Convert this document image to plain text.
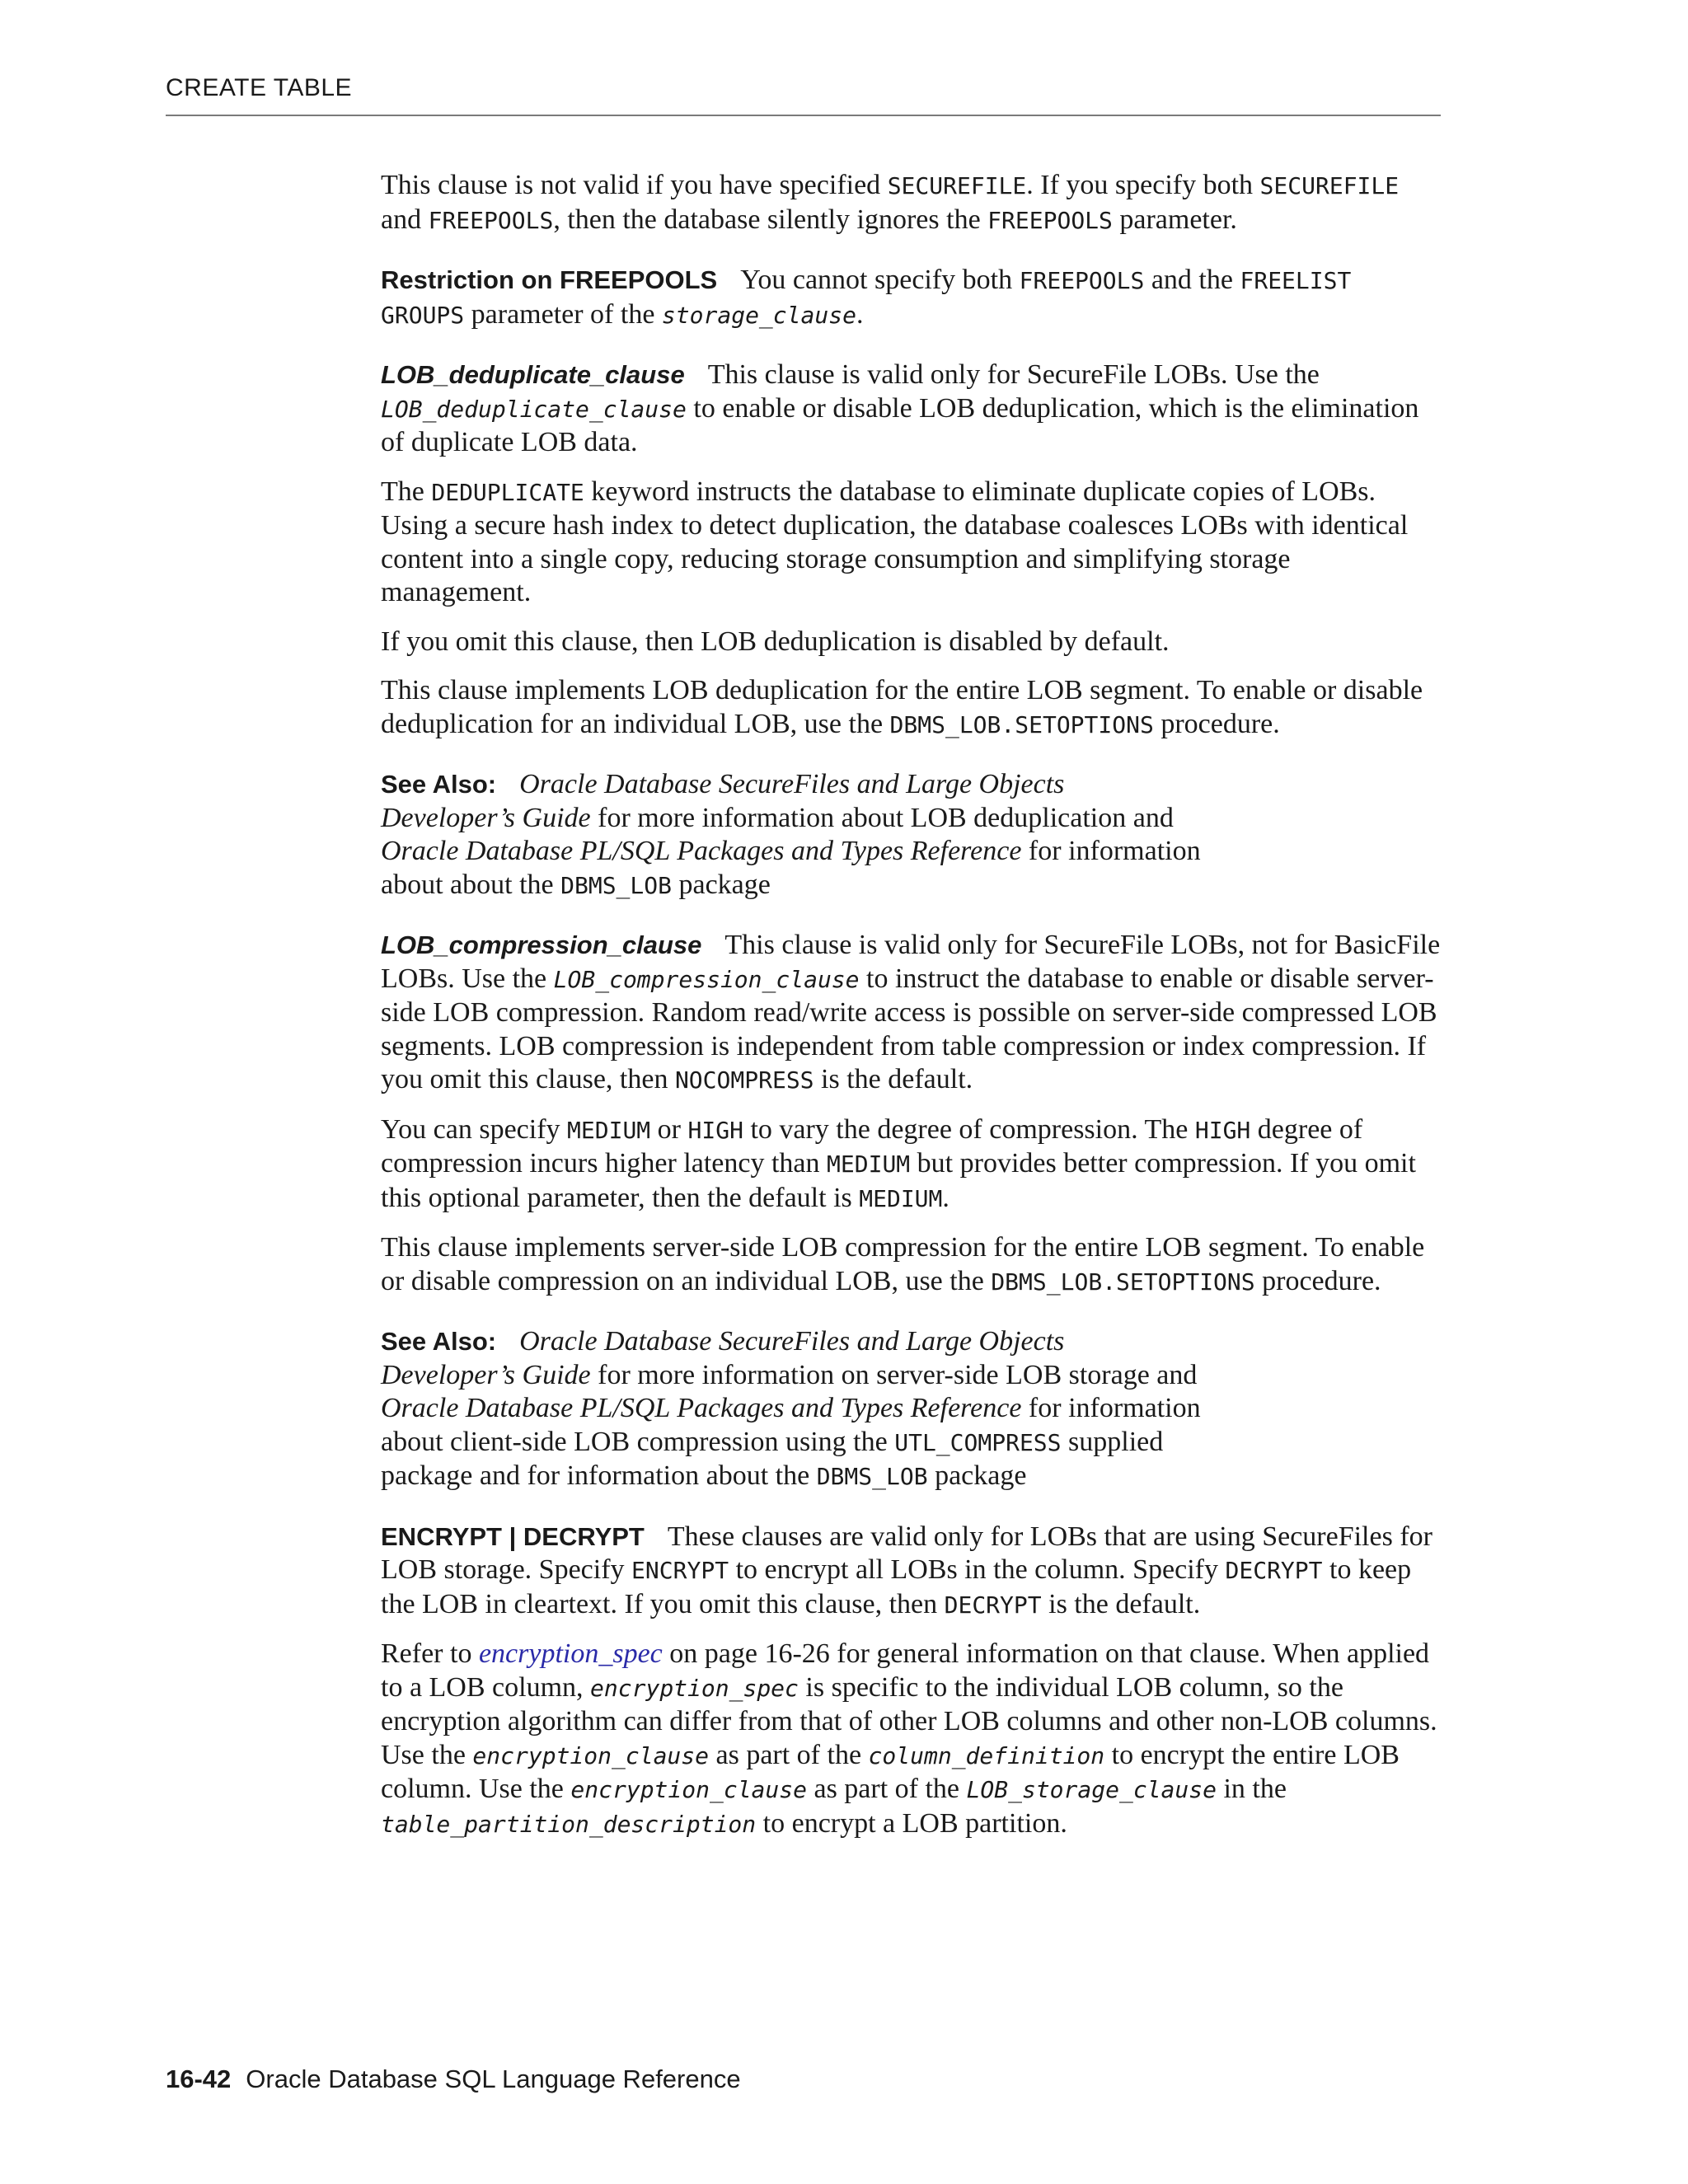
CREATE TABLE

This clause is not valid if you have specified SECUREFILE. If you specify both SECUREFILE and FREEPOOLS, then the database silently ignores the FREEPOOLS parameter.

Restriction on FREEPOOLS You cannot specify both FREEPOOLS and the FREELIST GROUPS parameter of the storage_clause.

LOB_deduplicate_clause This clause is valid only for SecureFile LOBs. Use the LOB_deduplicate_clause to enable or disable LOB deduplication, which is the elimination of duplicate LOB data.

The DEDUPLICATE keyword instructs the database to eliminate duplicate copies of LOBs. Using a secure hash index to detect duplication, the database coalesces LOBs with identical content into a single copy, reducing storage consumption and simplifying storage management.

If you omit this clause, then LOB deduplication is disabled by default.

This clause implements LOB deduplication for the entire LOB segment. To enable or disable deduplication for an individual LOB, use the DBMS_LOB.SETOPTIONS procedure.

See Also: Oracle Database SecureFiles and Large Objects Developer’s Guide for more information about LOB deduplication and Oracle Database PL/SQL Packages and Types Reference for information about about the DBMS_LOB package

LOB_compression_clause This clause is valid only for SecureFile LOBs, not for BasicFile LOBs. Use the LOB_compression_clause to instruct the database to enable or disable server-side LOB compression. Random read/write access is possible on server-side compressed LOB segments. LOB compression is independent from table compression or index compression. If you omit this clause, then NOCOMPRESS is the default.

You can specify MEDIUM or HIGH to vary the degree of compression. The HIGH degree of compression incurs higher latency than MEDIUM but provides better compression. If you omit this optional parameter, then the default is MEDIUM.

This clause implements server-side LOB compression for the entire LOB segment. To enable or disable compression on an individual LOB, use the DBMS_LOB.SETOPTIONS procedure.

See Also: Oracle Database SecureFiles and Large Objects Developer’s Guide for more information on server-side LOB storage and Oracle Database PL/SQL Packages and Types Reference for information about client-side LOB compression using the UTL_COMPRESS supplied package and for information about the DBMS_LOB package

ENCRYPT | DECRYPT These clauses are valid only for LOBs that are using SecureFiles for LOB storage. Specify ENCRYPT to encrypt all LOBs in the column. Specify DECRYPT to keep the LOB in cleartext. If you omit this clause, then DECRYPT is the default.

Refer to encryption_spec on page 16-26 for general information on that clause. When applied to a LOB column, encryption_spec is specific to the individual LOB column, so the encryption algorithm can differ from that of other LOB columns and other non-LOB columns. Use the encryption_clause as part of the column_definition to encrypt the entire LOB column. Use the encryption_clause as part of the LOB_storage_clause in the table_partition_description to encrypt a LOB partition.

16-42 Oracle Database SQL Language Reference
